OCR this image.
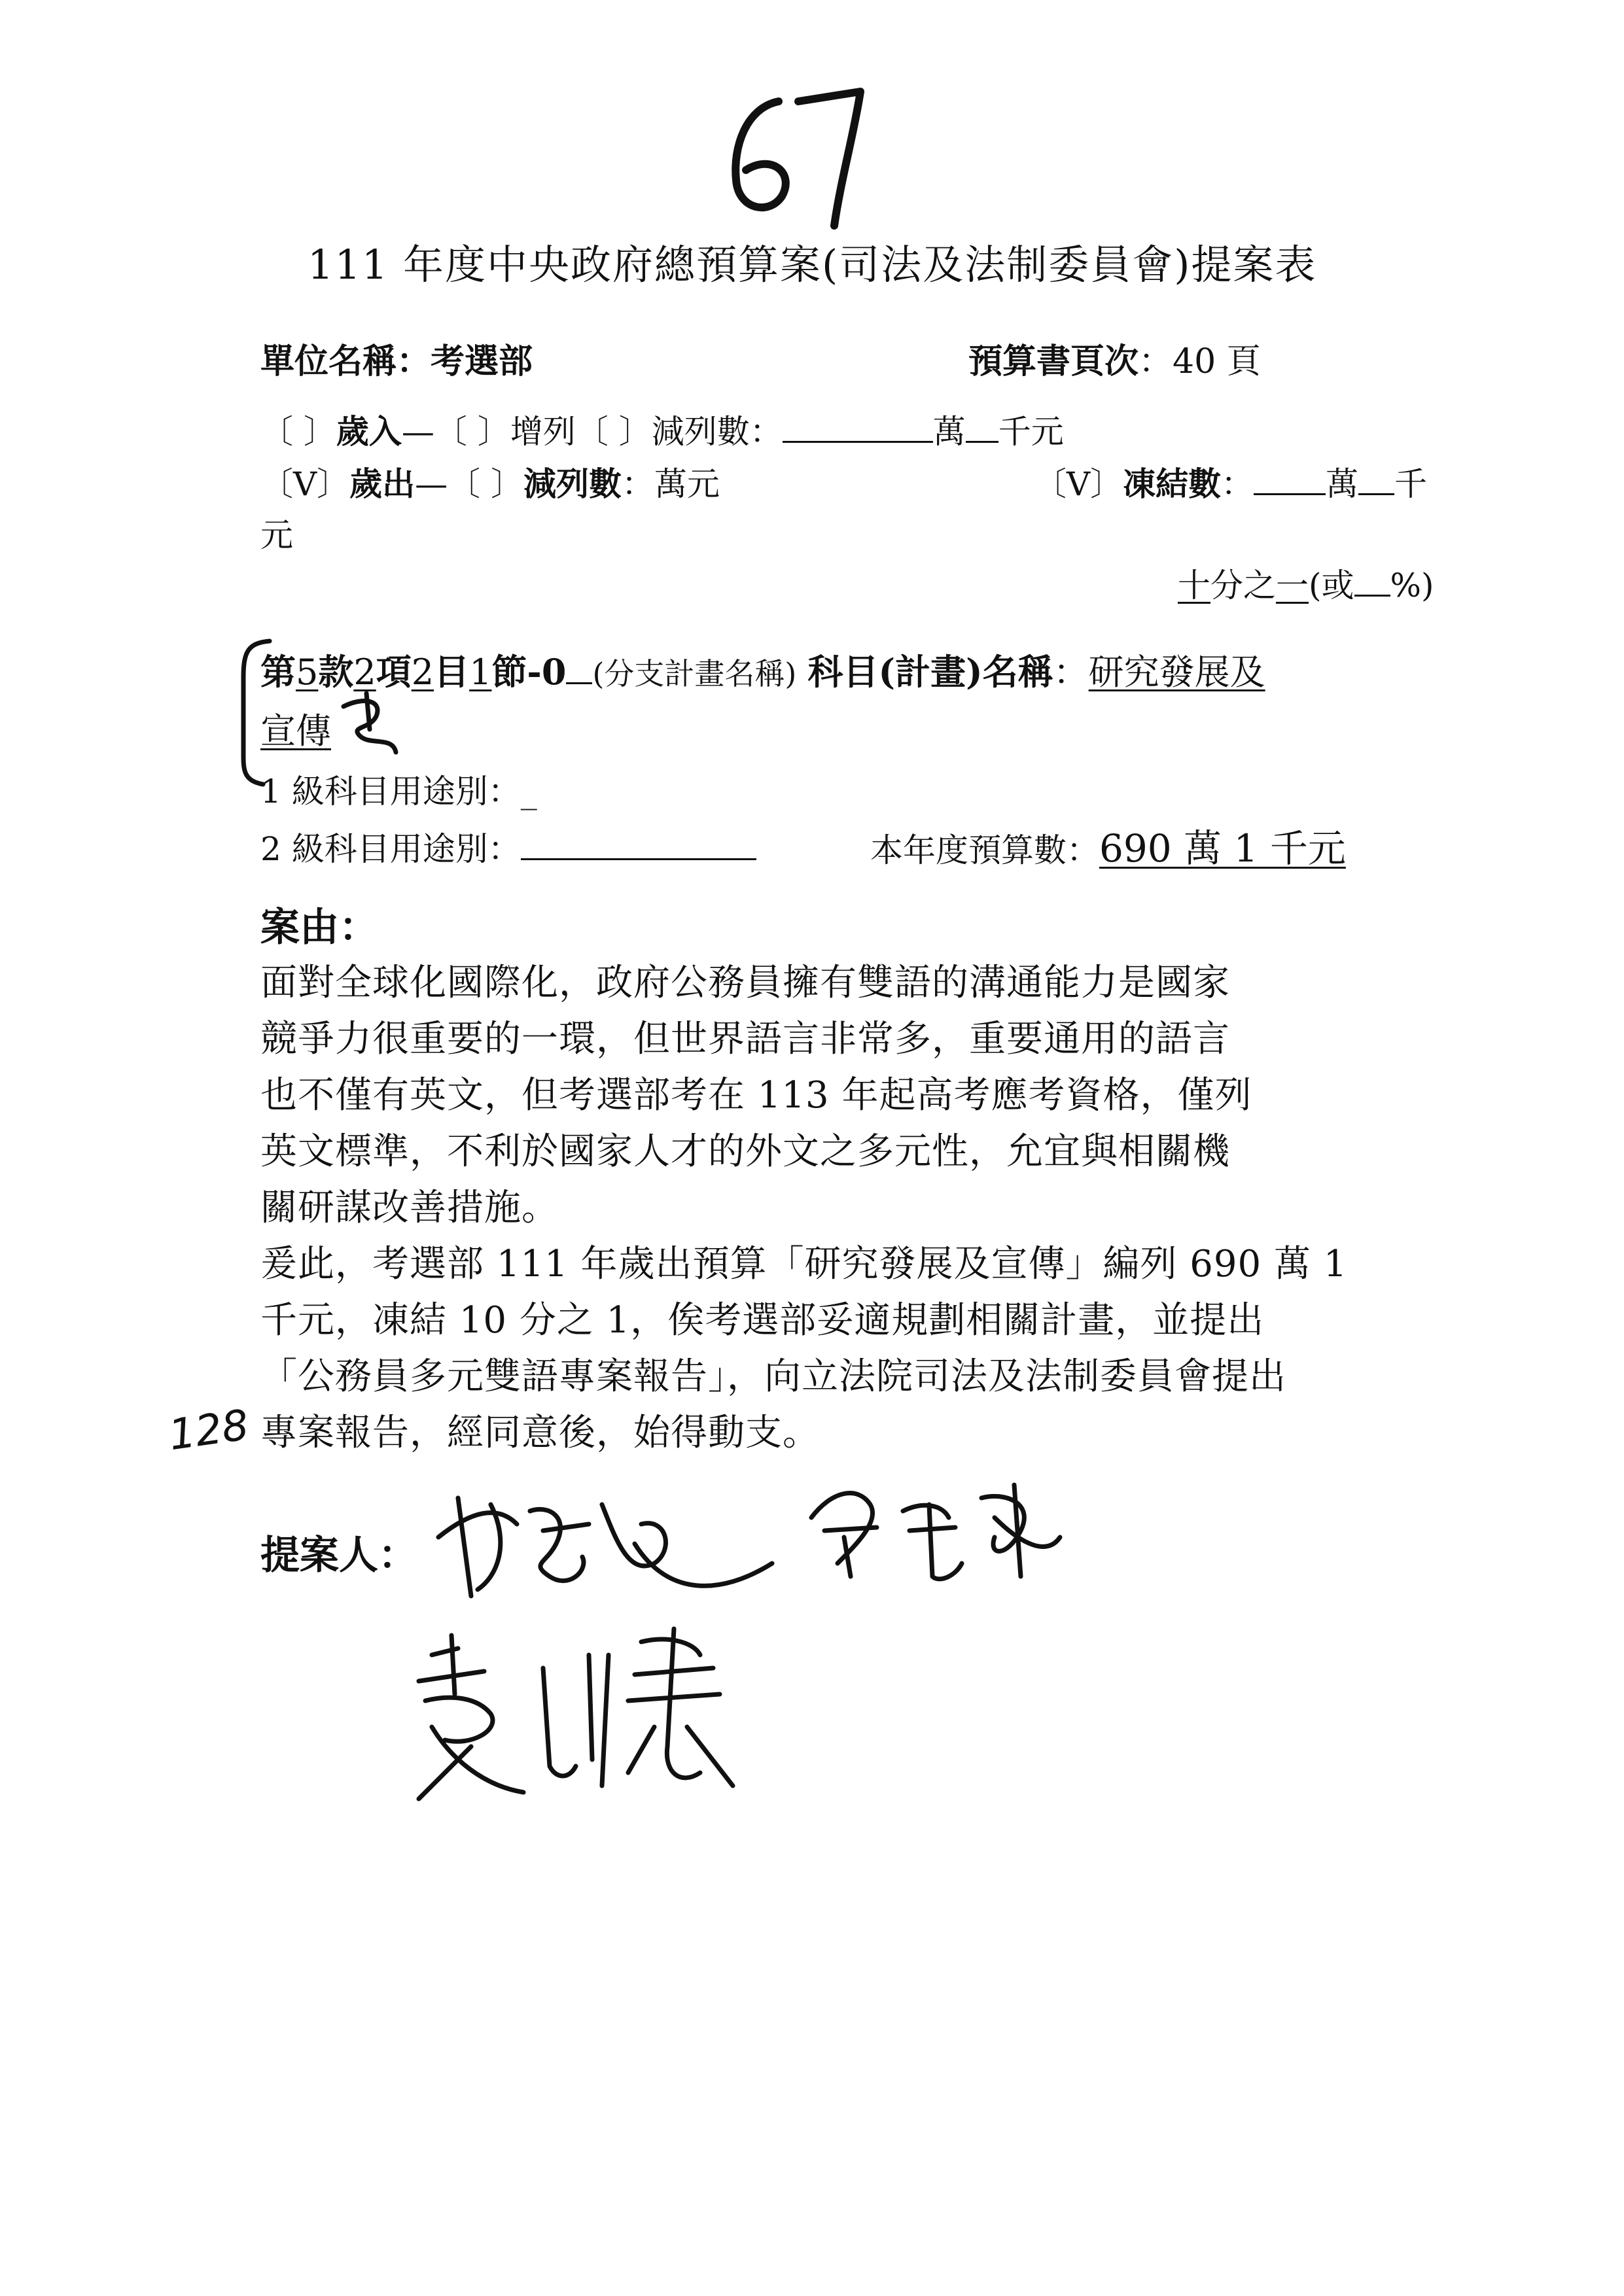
111 年度中央政府總預算案(司法及法制委員會)提案表
單位名稱：考選部	預算書頁次：40 頁
〔 〕歲入—〔 〕增列〔 〕減列數：	萬 千元
〔V〕歲出—〔 〕減列數：萬元	〔V〕凍結數： 萬 千
元
十分之一(或 %)
第5款2項2目1節-0 (分支計畫名稱) 科目(計畫)名稱：研究發展及
宣傳
1 級科目用途別：_
2 級科目用途別：	本年度預算數：690 萬 1 千元
案由：
面對全球化國際化，政府公務員擁有雙語的溝通能力是國家
競爭力很重要的一環，但世界語言非常多，重要通用的語言
也不僅有英文，但考選部考在 113 年起高考應考資格，僅列
英文標準，不利於國家人才的外文之多元性，允宜與相關機
關研謀改善措施。
爰此，考選部 111 年歲出預算「研究發展及宣傳」編列 690 萬 1
千元，凍結 10 分之 1，俟考選部妥適規劃相關計畫，並提出
「公務員多元雙語專案報告」，向立法院司法及法制委員會提出
專案報告，經同意後，始得動支。
128
提案人：
